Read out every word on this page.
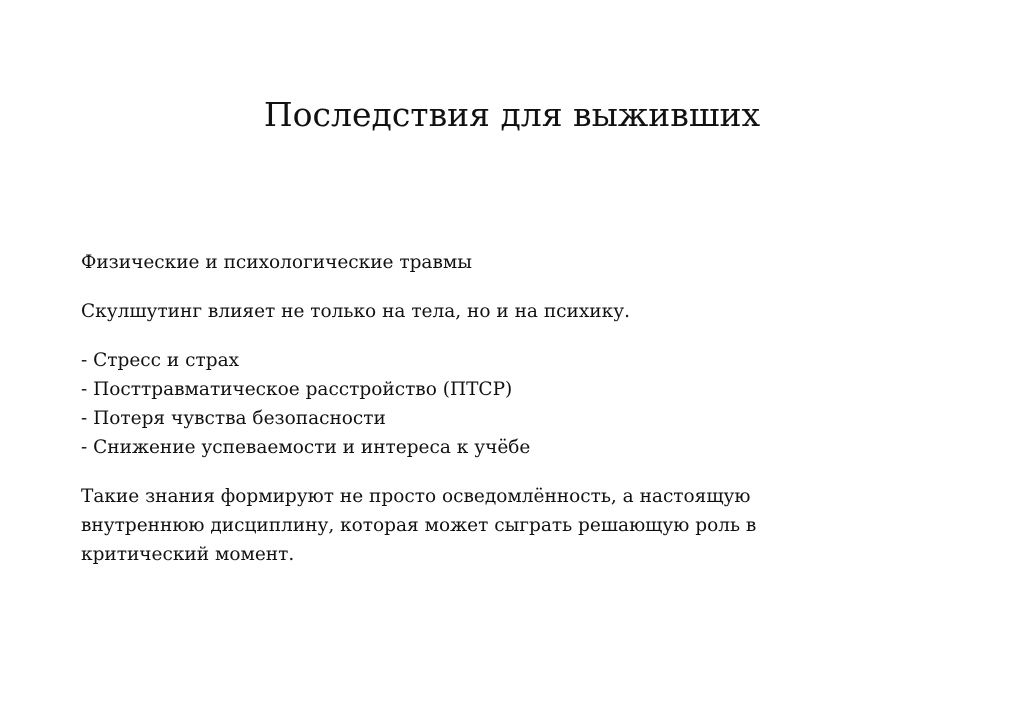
Последствия для выживших

Физические и психологические травмы

Скулшутинг влияет не только на тела, но и на психику.

- Стресс и страх
- Посттравматическое расстройство (ПТСР)
- Потеря чувства безопасности
- Снижение успеваемости и интереса к учёбе

Такие знания формируют не просто осведомлённость, а настоящую внутреннюю дисциплину, которая может сыграть решающую роль в критический момент.
